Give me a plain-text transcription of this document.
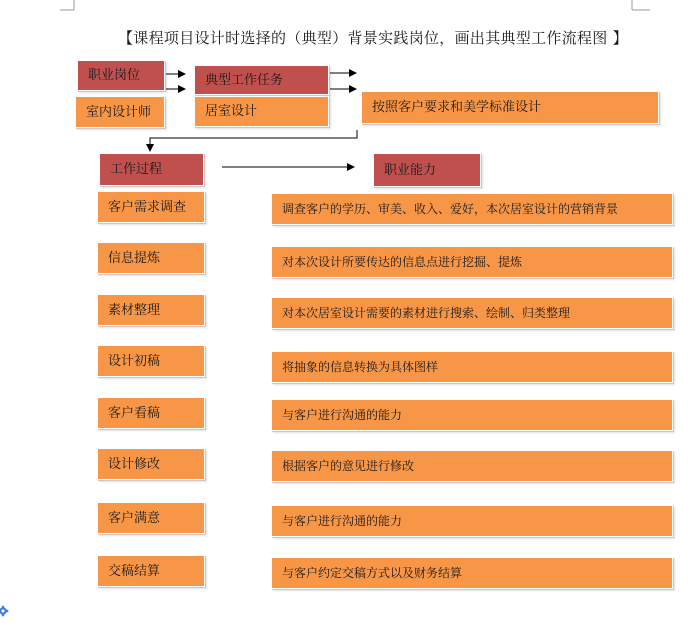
【课程项目设计时选择的（典型）背景实践岗位，画出其典型工作流程图 】
职业岗位
室内设计师
典型工作任务
居室设计	按照客户要求和美学标准设计
工作过程	职业能力
客户需求调查	调查客户的学历、审美、收入、爱好，本次居室设计的营销背景
信息提炼	对本次设计所要传达的信息点进行挖掘、提炼
素材整理	对本次居室设计需要的素材进行搜索、绘制、归类整理
设计初稿	将抽象的信息转换为具体图样
客户看稿	与客户进行沟通的能力
设计修改	根据客户的意见进行修改
客户满意	与客户进行沟通的能力
交稿结算	与客户约定交稿方式以及财务结算
